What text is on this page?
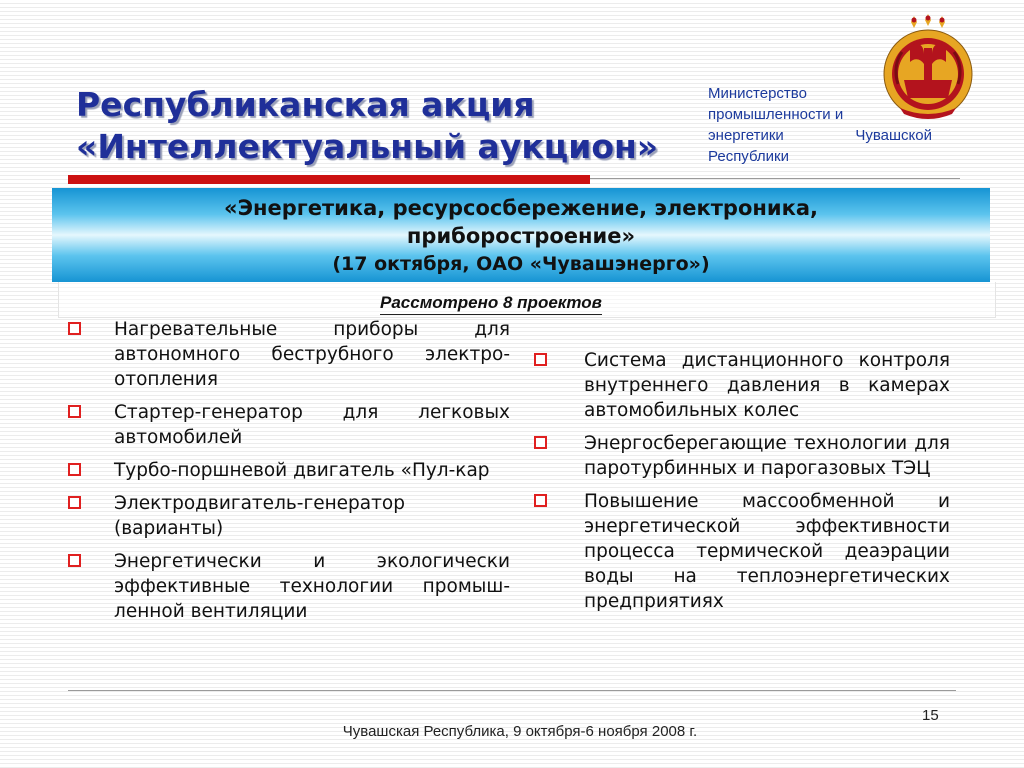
Республиканская акция
«Интеллектуальный аукцион»
Министерство
промышленности и
энергетики	Чувашской
Республики
«Энергетика, ресурсосбережение, электроника,
приборостроение»
(17 октября, ОАО «Чувашэнерго»)

Рассмотрено 8 проектов

Нагревательные приборы для автономного беструбного электро-отопления
Стартер-генератор для легковых автомобилей
Турбо-поршневой двигатель «Пул-кар
Электродвигатель-генератор (варианты)
Энергетически и экологически эффективные технологии промыш-ленной вентиляции
Система дистанционного контроля внутреннего давления в камерах автомобильных колес
Энергосберегающие технологии для паротурбинных и парогазовых ТЭЦ
Повышение массообменной и энергетической эффективности процесса термической деаэрации воды на теплоэнергетических предприятиях
15
Чувашская Республика, 9 октября-6 ноября 2008 г.
